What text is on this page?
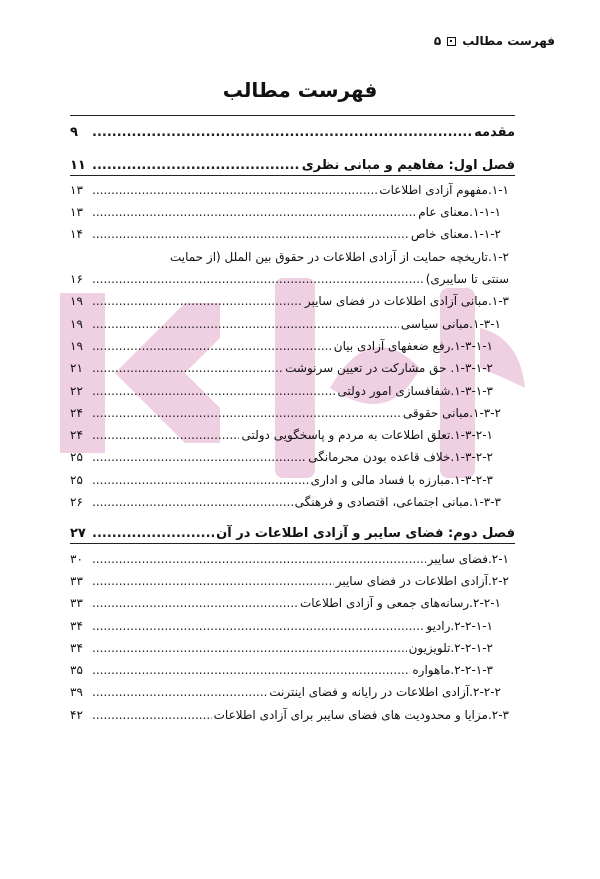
فهرست مطالب
۵
فهرست مطالب
مقدمه
.....
۹
فصل اول: مفاهیم و مبانی نظری
.....
۱۱
۱-۱.مفهوم آزادی اطلاعات
.....
۱۳
۱-۱-۱.معنای عام
.....
۱۳
۱-۱-۲.معنای خاص
.....
۱۴
۱-۲.تاریخچه حمایت از آزادی اطلاعات در حقوق بین الملل (از حمایت
سنتی تا سایبری)
.....
۱۶
۱-۳.مبانی آزادی اطلاعات در فضای سایبر
.....
۱۹
۱-۳-۱.مبانی سیاسی
.....
۱۹
۱-۳-۱-۱.رفع ضعفهای آزادی بیان
.....
۱۹
۱-۳-۱-۲. حق مشارکت در تعیین سرنوشت
.....
۲۱
۱-۳-۱-۳.شفافسازی امور دولتی
.....
۲۲
۱-۳-۲.مبانی حقوقی
.....
۲۴
۱-۳-۲-۱.تعلق اطلاعات به مردم و پاسخگویی دولتی
.....
۲۴
۱-۳-۲-۲.خلاف قاعده بودن محرمانگی
.....
۲۵
۱-۳-۲-۳.مبارزه با فساد مالی و اداری
.....
۲۵
۱-۳-۳.مبانی اجتماعی، اقتصادی و فرهنگی
.....
۲۶
فصل دوم: فضای سایبر و آزادی اطلاعات در آن
.....
۲۷
۲-۱.فضای سایبر
.....
۳۰
۲-۲.آزادی اطلاعات در فضای سایبر
.....
۳۳
۲-۲-۱.رسانه‌های جمعی و آزادی اطلاعات
.....
۳۳
۲-۲-۱-۱.رادیو
.....
۳۴
۲-۲-۱-۲.تلویزیون
.....
۳۴
۲-۲-۱-۳.ماهواره
.....
۳۵
۲-۲-۲.آزادی اطلاعات در رایانه و فضای اینترنت
.....
۳۹
۲-۳.مزایا و محدودیت های فضای سایبر برای آزادی اطلاعات
.....
۴۲
